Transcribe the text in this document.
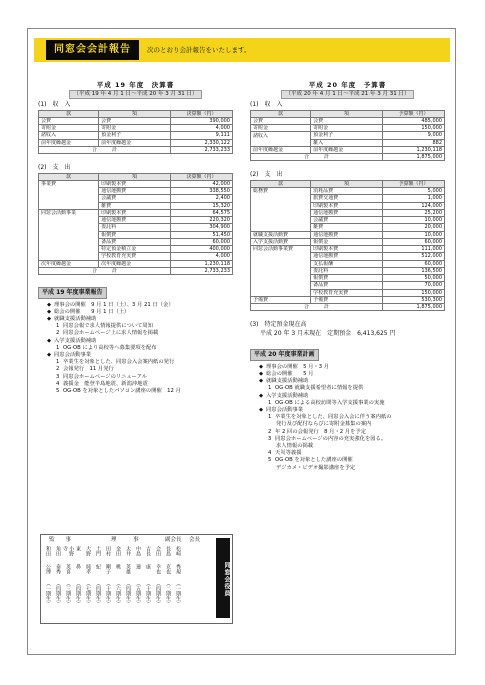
同窓会会計報告	次のとおり会計報告をいたします。
平成 19 年度　決算書
（平成 19 年 4 月 1 日〜平成 20 年 3 月 31 日）
(1)　収　入
款	項	決算額（円）
会費	会費	390,000
寄附金	寄附金	4,000
諸収入	預金利子	9,111
前年度繰越金	前年度繰越金	2,330,122
合　　　計		2,733,233
(2)　支　出
款	項	決算額（円）
事業費	印刷製本費	42,000
	通信運搬費	338,550
	会議費	2,400
	雑費	15,320
同窓会活動事業	印刷製本費	64,575
	通信運搬費	220,320
	委託料	304,900
	報償費	51,450
	备品費	60,000
	特定預金積立金	400,000
	学校教育充実費	4,000
次年度繰越金	次年度繰越金	1,230,118
合　　　計		2,733,233
平成 19 年度事業報告
◆ 理事会の開催　9 月 1 日（土）、3 月 21 日（金）
◆ 総会の開催　　9 月 1 日（土）
◆ 就職支援活動補助
1 同窓会報で求人情報提供について周知
2 同窓会ホームページ上に求人情報を掲載
◆ 入学支援活動補助
1 OG·OB により高校等へ募集要項を配布
◆ 同窓会活動事業
1 卒業生を対象とした、同窓会入会案内紙の発行
2 会報発行　11 月発行
3 同窓会ホームページのリニューアル
4 義援金　能登半島地震、新潟沖地震
5 OG·OB を対象としたパソコン講座の開催　12 月
平成 20 年度　予算書
（平成 20 年 4 月 1 日〜平成 21 年 3 月 31 日）
(1)　収　入
款	項	予算額（円）
会費	会費	485,000
寄附金	寄附金	150,000
諸収入	預金利子	9,000
	雑入	882
前年度繰越金	前年度繰越金	1,230,118
合　　　計		1,875,000
(2)　支　出
款	項	予算額（円）
総務費	消耗品費	5,000
	旅費交通費	1,000
	印刷製本費	124,000
	通信運搬費	25,200
	会議費	10,000
	雑費	20,000
就職支援活動費	通信運搬費	10,000
入学支援活動費	報償金	60,000
同窓会活動事業費	印刷製本費	111,000
	通信運搬費	512,000
	支払報酬	60,000
	委託料	136,500
	報償費	50,000
	备品費	70,000
	学校教育充実費	150,000
予備費	予備費	530,300
合　　　計		1,875,000
(3)　特定預金現在高
平成 20 年 3 月末現在　定期預金　6,413,625 円
平成 20 年度事業計画
◆ 理事会の開催　5 月・3 月
◆ 総会の開催　　5 月
◆ 就職支援活動補助
1 OG·OB 就職支援希望者に情報を提供
◆ 入学支援活動補助
1 OG·OB による高校訪問等入学支援事業の実施
◆ 同窓会活動事業
1 卒業生を対象とした、同窓会入会に伴う案内紙の
発行及び配付ならびに寄附金募集の案内
2 年 2 回の会報発行　8 月・2 月を予定
3 同窓会ホームページの内容の充実強化を図る。
求人情報の掲載
4 天災等義援
5 OG·OB を対象とした講座の開催
デジカメ・ビデオ撮影講座を予定
和田
公博
（一期生）
角田
泰秀
（四期生）
小野寺
英喜
（三期生）
東
鼻
（四期生）
大野
純孝
（七期生）
土門
紀
（四期生）
田村
剛子
（十期生）
金田
桃
（六期生）
太井
英雄
（四期生）
中島
連
（五期生）
吉長
康
（十期生）
会田
幸也
（四期生）
長島
克也
（二期生）
松崎
秀規
（一期生）	同窓会役員
監　　事	理　　　事	副会長 会長
